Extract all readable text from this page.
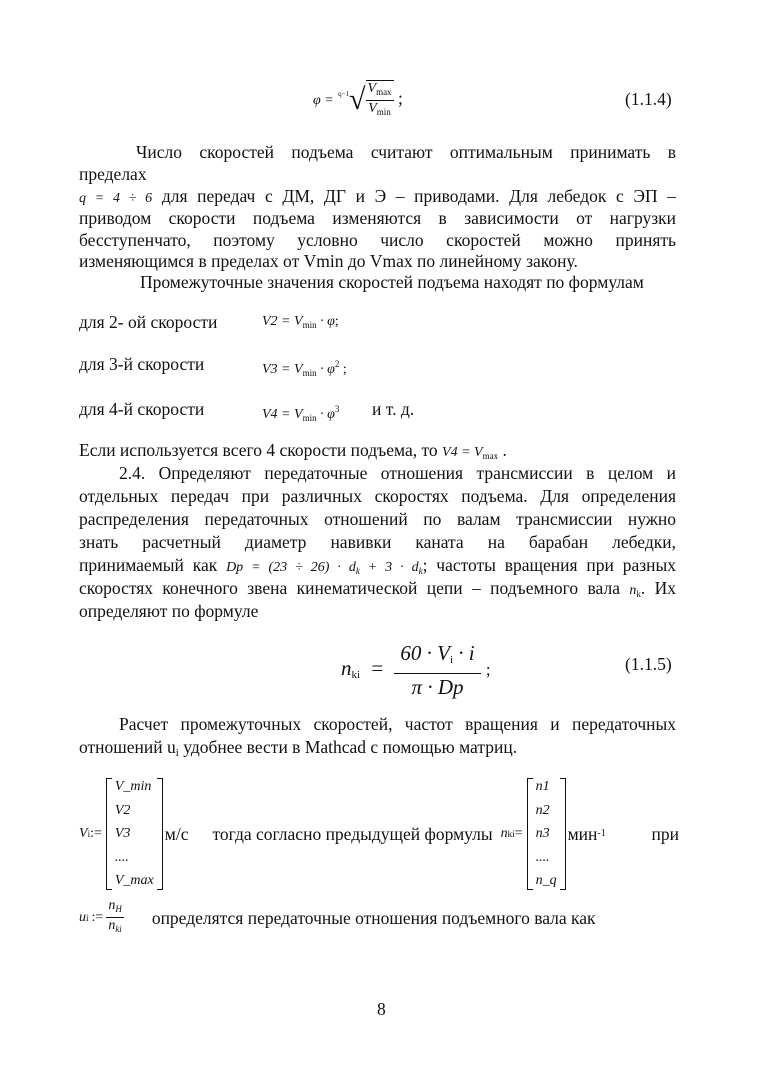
$\varphi = ^{q-1}√ \frac{V_{max}}{V_{min}}$ ;	(1.1.4)
Число скоростей подъема считают оптимальным принимать в
пределах
q = 4 ÷ 6 для передач с ДМ, ДГ и Э – приводами. Для лебедок с ЭП –
приводом скорости подъема изменяются в зависимости от нагрузки
бесступенчато, поэтому условно число скоростей можно принять
изменяющимся в пределах от Vmin до Vmax по линейному закону.
Промежуточные значения скоростей подъема находят по формулам
для 2- ой скорости	$V2 = V_{min} \cdot \varphi$;
для 3-й скорости	$V3 = V_{min} \cdot \varphi^2$ ;
для 4-й скорости	$V4 = V_{min} \cdot \varphi^3$ и т. д.
Если используется всего 4 скорости подъема, то V4 = Vmax .
2.4. Определяют передаточные отношения трансмиссии в целом и
отдельных передач при различных скоростях подъема. Для определения
распределения передаточных отношений по валам трансмиссии нужно
знать расчетный диаметр навивки каната на барабан лебедки,
принимаемый как $Dp = (23 \div 26) \cdot d_k + 3 \cdot d_k$; частоты вращения при разных
скоростях конечного звена кинематической цепи – подъемного вала nk. Их
определяют по формуле
nki = $\frac{60 \cdot Vi \cdot i}{\pi \cdot Dp}$ ;	(1.1.5)
Расчет промежуточных скоростей, частот вращения и передаточных
отношений ui удобнее вести в Mathcad с помощью матриц.
V i :=
V_min
V2
V3
....
V_max
м/с тогда согласно предыдущей формулы n ki =
n1
n2
n3
....
n_q
мин -1	при
u i := $\frac{n_H}{n_{ki}}$ определятся передаточные отношения подъемного вала как
8
